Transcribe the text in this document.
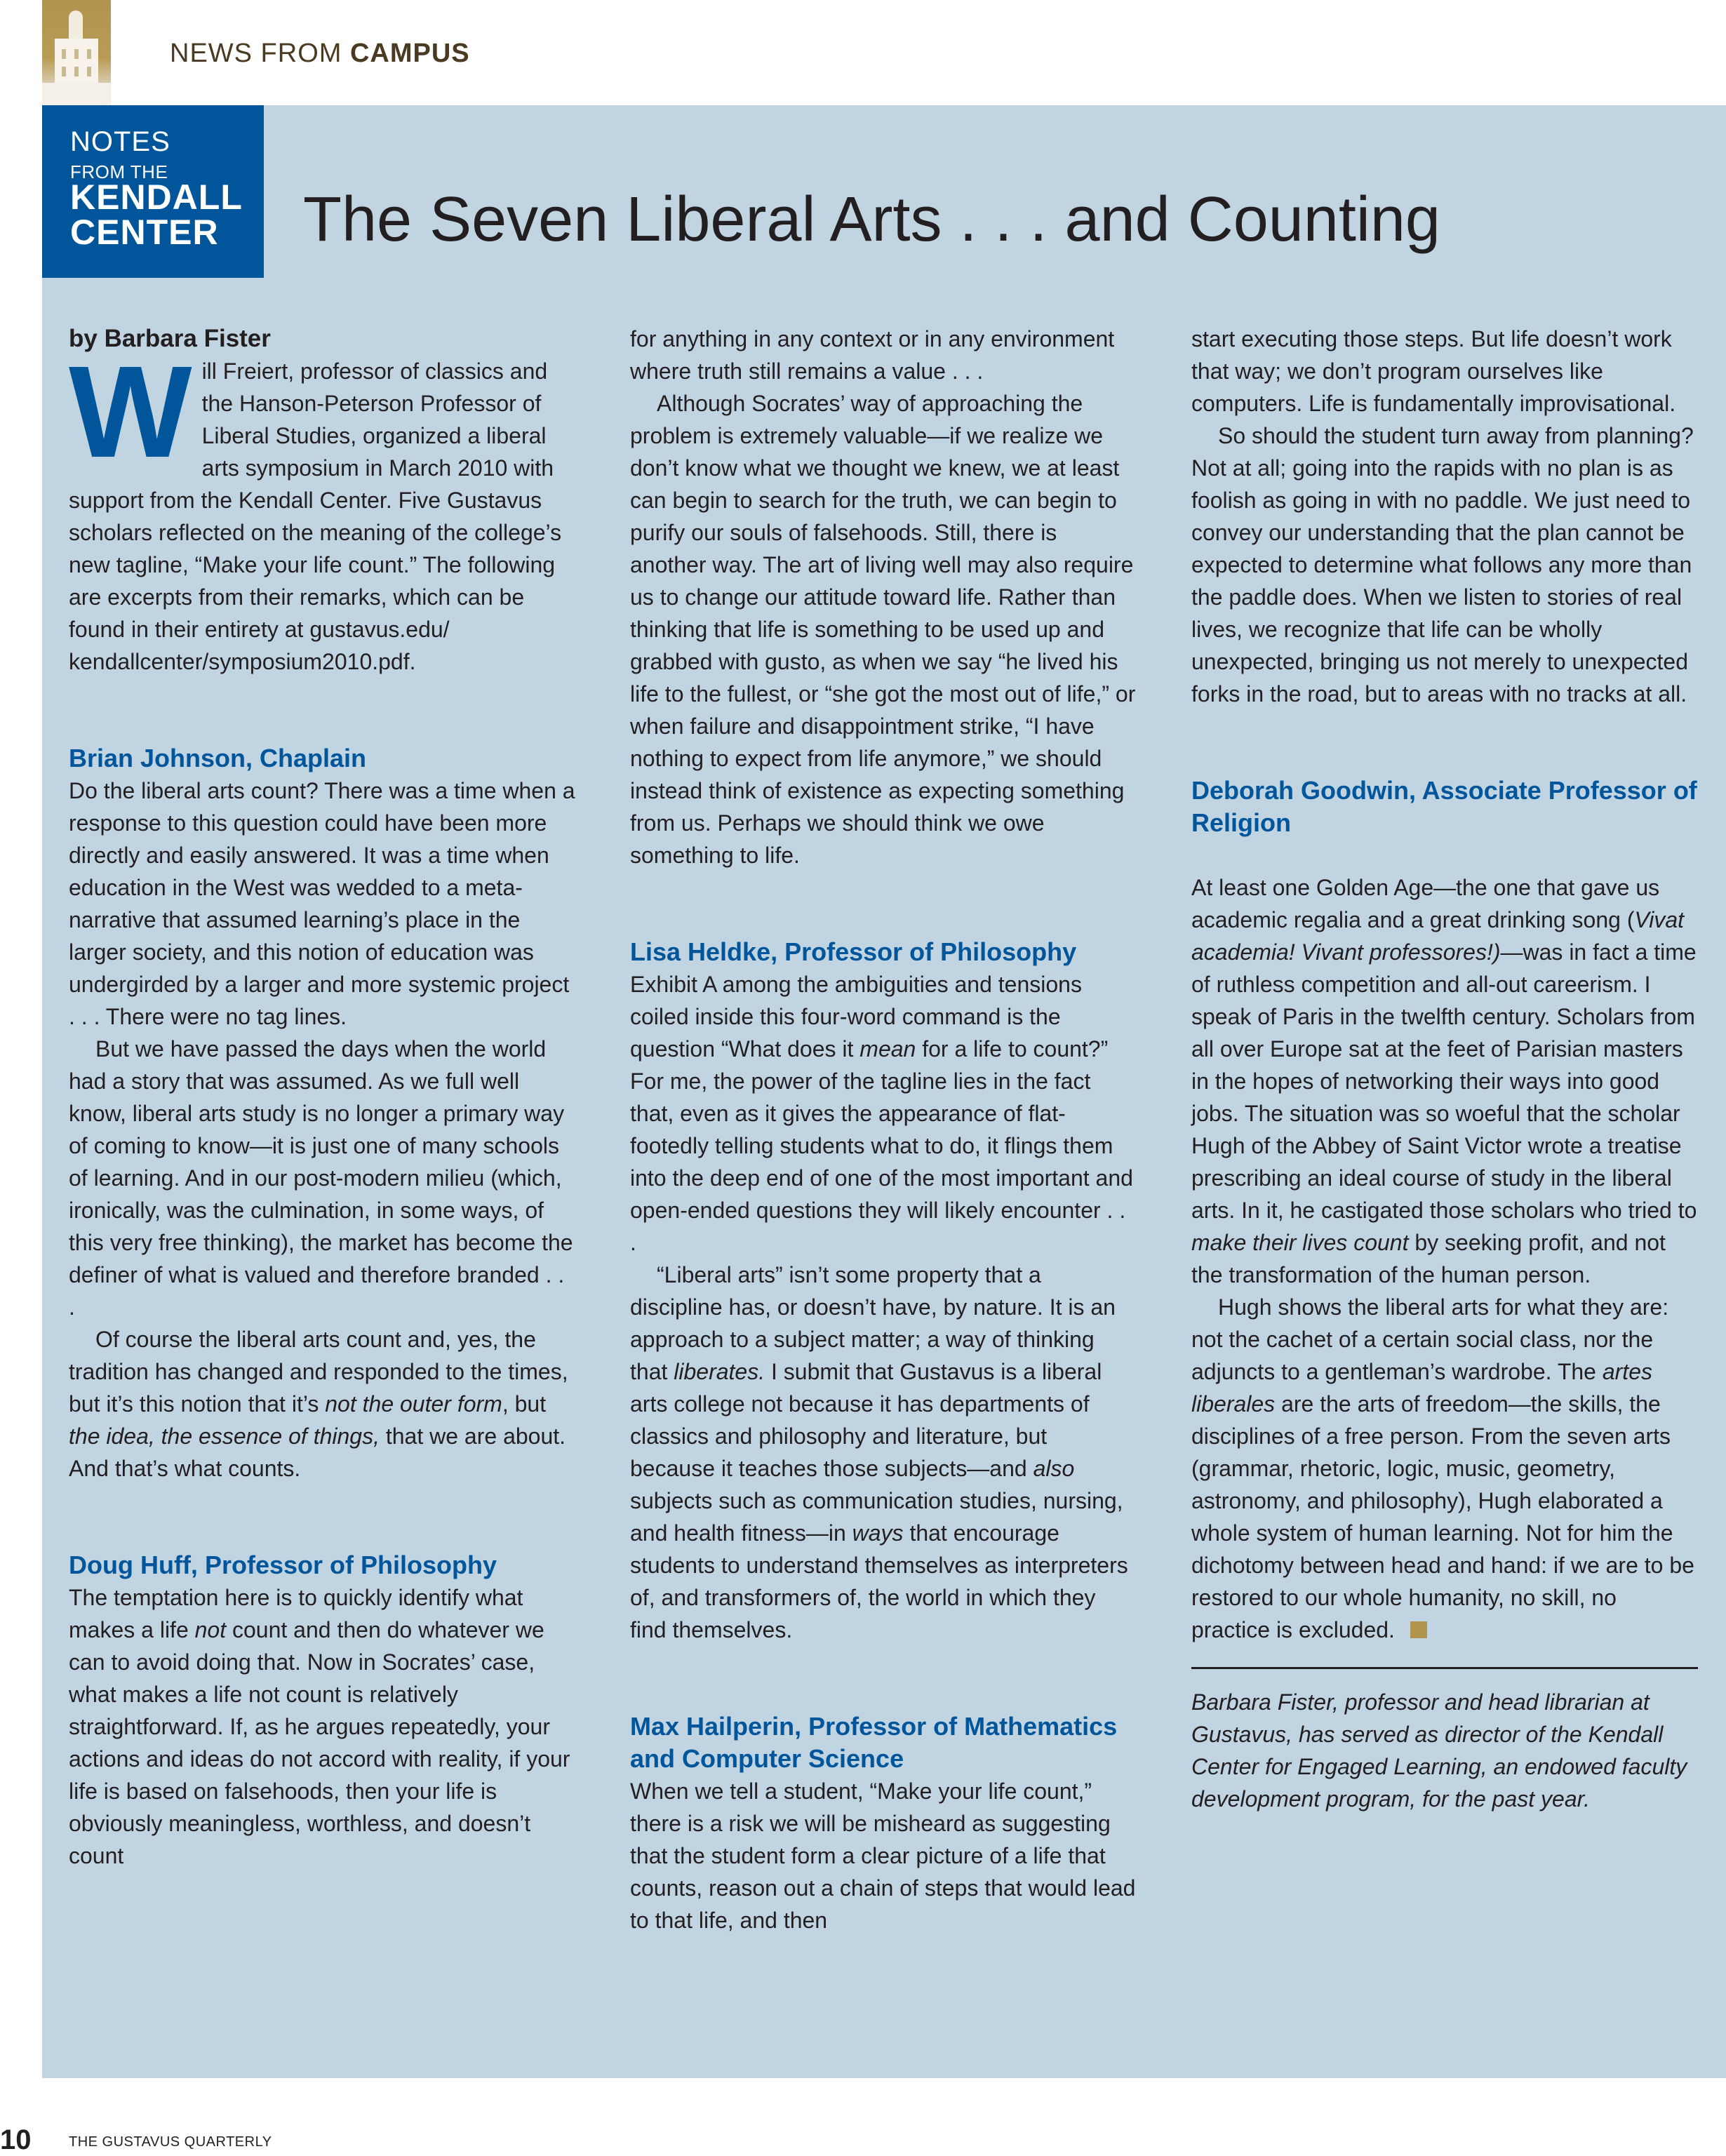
NEWS FROM CAMPUS
NOTES
FROM THE
KENDALL
CENTER The Seven Liberal Arts . . . and Counting

by Barbara Fister

Will Freiert, professor of classics and the Hanson-Peterson Professor of Liberal Studies, organized a liberal arts symposium in March 2010 with support from the Kendall Center. Five Gustavus scholars reflected on the meaning of the college’s new tagline, “Make your life count.” The following are excerpts from their remarks, which can be found in their entirety at gustavus.edu/ kendallcenter/symposium2010.pdf.

Brian Johnson, Chaplain

Do the liberal arts count? There was a time when a response to this question could have been more directly and easily answered. It was a time when education in the West was wedded to a meta-narrative that assumed learning’s place in the larger society, and this notion of education was undergirded by a larger and more systemic project . . . There were no tag lines.

But we have passed the days when the world had a story that was assumed. As we full well know, liberal arts study is no longer a primary way of coming to know—it is just one of many schools of learning. And in our post-modern milieu (which, ironically, was the culmination, in some ways, of this very free thinking), the market has become the definer of what is valued and therefore branded . . .

Of course the liberal arts count and, yes, the tradition has changed and responded to the times, but it’s this notion that it’s not the outer form, but the idea, the essence of things, that we are about. And that’s what counts.

Doug Huff, Professor of Philosophy

The temptation here is to quickly identify what makes a life not count and then do whatever we can to avoid doing that. Now in Socrates’ case, what makes a life not count is relatively straightforward. If, as he argues repeatedly, your actions and ideas do not accord with reality, if your life is based on falsehoods, then your life is obviously meaningless, worthless, and doesn’t count

for anything in any context or in any environment where truth still remains a value . . .

Although Socrates’ way of approaching the problem is extremely valuable—if we realize we don’t know what we thought we knew, we at least can begin to search for the truth, we can begin to purify our souls of falsehoods. Still, there is another way. The art of living well may also require us to change our attitude toward life. Rather than thinking that life is something to be used up and grabbed with gusto, as when we say “he lived his life to the fullest, or “she got the most out of life,” or when failure and disappointment strike, “I have nothing to expect from life anymore,” we should instead think of existence as expecting something from us. Perhaps we should think we owe something to life.

Lisa Heldke, Professor of Philosophy

Exhibit A among the ambiguities and tensions coiled inside this four-word command is the question “What does it mean for a life to count?” For me, the power of the tagline lies in the fact that, even as it gives the appearance of flat-footedly telling students what to do, it flings them into the deep end of one of the most important and open-ended questions they will likely encounter . . .

“Liberal arts” isn’t some property that a discipline has, or doesn’t have, by nature. It is an approach to a subject matter; a way of thinking that liberates. I submit that Gustavus is a liberal arts college not because it has departments of classics and philosophy and literature, but because it teaches those subjects—and also subjects such as communication studies, nursing, and health fitness—in ways that encourage students to understand themselves as interpreters of, and transformers of, the world in which they find themselves.

Max Hailperin, Professor of Mathematics and Computer Science

When we tell a student, “Make your life count,” there is a risk we will be misheard as suggesting that the student form a clear picture of a life that counts, reason out a chain of steps that would lead to that life, and then

start executing those steps. But life doesn’t work that way; we don’t program ourselves like computers. Life is fundamentally improvisational.

So should the student turn away from planning? Not at all; going into the rapids with no plan is as foolish as going in with no paddle. We just need to convey our understanding that the plan cannot be expected to determine what follows any more than the paddle does. When we listen to stories of real lives, we recognize that life can be wholly unexpected, bringing us not merely to unexpected forks in the road, but to areas with no tracks at all.

Deborah Goodwin, Associate Professor of Religion

At least one Golden Age—the one that gave us academic regalia and a great drinking song (Vivat academia! Vivant professores!)—was in fact a time of ruthless competition and all-out careerism. I speak of Paris in the twelfth century. Scholars from all over Europe sat at the feet of Parisian masters in the hopes of networking their ways into good jobs. The situation was so woeful that the scholar Hugh of the Abbey of Saint Victor wrote a treatise prescribing an ideal course of study in the liberal arts. In it, he castigated those scholars who tried to make their lives count by seeking profit, and not the transformation of the human person.

Hugh shows the liberal arts for what they are: not the cachet of a certain social class, nor the adjuncts to a gentleman’s wardrobe. The artes liberales are the arts of freedom—the skills, the disciplines of a free person. From the seven arts (grammar, rhetoric, logic, music, geometry, astronomy, and philosophy), Hugh elaborated a whole system of human learning. Not for him the dichotomy between head and hand: if we are to be restored to our whole humanity, no skill, no practice is excluded.

Barbara Fister, professor and head librarian at Gustavus, has served as director of the Kendall Center for Engaged Learning, an endowed faculty development program, for the past year.

10	THE GUSTAVUS QUARTERLY
